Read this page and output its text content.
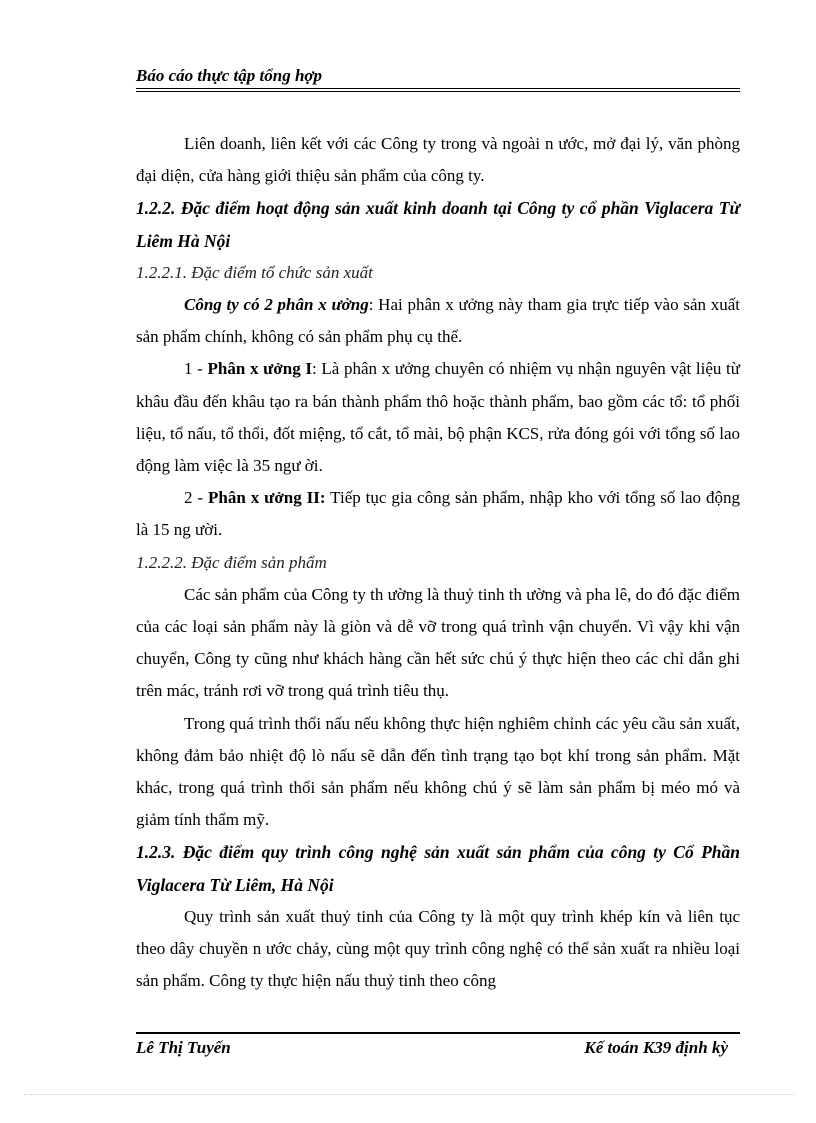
Báo cáo thực tập tổng hợp

Liên doanh, liên kết với các Công ty trong và ngoài n ước, mở đại lý, văn phòng đại diện, cửa hàng giới thiệu sản phẩm của công ty.

1.2.2. Đặc điểm hoạt động sản xuất kinh doanh tại Công ty cổ phần Viglacera Từ Liêm Hà Nội

1.2.2.1. Đặc điểm tổ chức sản xuất

Công ty có 2 phân x ưởng: Hai phân x ưởng này tham gia trực tiếp vào sản xuất sản phẩm chính, không có sản phẩm phụ cụ thể.

1 - Phân x ưởng I: Là phân x ưởng chuyên có nhiệm vụ nhận nguyên vật liệu từ khâu đầu đến khâu tạo ra bán thành phẩm thô hoặc thành phẩm, bao gồm các tổ: tổ phối liệu, tổ nấu, tổ thổi, đốt miệng, tổ cắt, tổ mài, bộ phận KCS, rửa đóng gói với tổng số lao động làm việc là 35 ngư ời.

2 - Phân x ưởng II: Tiếp tục gia công sản phẩm, nhập kho với tổng số lao động là 15 ng ười.

1.2.2.2. Đặc điểm sản phẩm

Các sản phẩm của Công ty th ường là thuỷ tinh th ường và pha lê, do đó đặc điểm của các loại sản phẩm này là giòn và dễ vỡ trong quá trình vận chuyển. Vì vậy khi vận chuyển, Công ty cũng như khách hàng cần hết sức chú ý thực hiện theo các chỉ dẫn ghi trên mác, tránh rơi vỡ trong quá trình tiêu thụ.

Trong quá trình thổi nấu nếu không thực hiện nghiêm chỉnh các yêu cầu sản xuất, không đảm bảo nhiệt độ lò nấu sẽ dẫn đến tình trạng tạo bọt khí trong sản phẩm. Mặt khác, trong quá trình thổi sản phẩm nếu không chú ý sẽ làm sản phẩm bị méo mó và giảm tính thẩm mỹ.

1.2.3. Đặc điểm quy trình công nghệ sản xuất sản phẩm của công ty Cổ Phần Viglacera Từ Liêm, Hà Nội

Quy trình sản xuất thuỷ tinh của Công ty là một quy trình khép kín và liên tục theo dây chuyền n ước chảy, cùng một quy trình công nghệ có thể sản xuất ra nhiều loại sản phẩm. Công ty thực hiện nấu thuỷ tinh theo công

Lê Thị Tuyến	Kế toán K39 định kỳ
